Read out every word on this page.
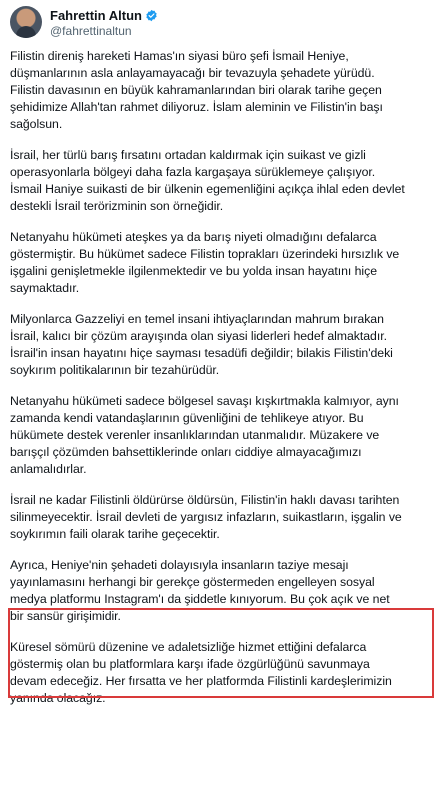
Fahrettin Altun
@fahrettinaltun
Filistin direniş hareketi Hamas'ın siyasi büro şefi İsmail Heniye,
düşmanlarının asla anlayamayacağı bir tevazuyla şehadete yürüdü.
Filistin davasının en büyük kahramanlarından biri olarak tarihe geçen
şehidimize Allah'tan rahmet diliyoruz. İslam aleminin ve Filistin'in başı
sağolsun.
İsrail, her türlü barış fırsatını ortadan kaldırmak için suikast ve gizli
operasyonlarla bölgeyi daha fazla kargaşaya sürüklemeye çalışıyor.
İsmail Haniye suikasti de bir ülkenin egemenliğini açıkça ihlal eden devlet
destekli İsrail terörizminin son örneğidir.
Netanyahu hükümeti ateşkes ya da barış niyeti olmadığını defalarca
göstermiştir. Bu hükümet sadece Filistin toprakları üzerindeki hırsızlık ve
işgalini genişletmekle ilgilenmektedir ve bu yolda insan hayatını hiçe
saymaktadır.
Milyonlarca Gazzeliyi en temel insani ihtiyaçlarından mahrum bırakan
İsrail, kalıcı bir çözüm arayışında olan siyasi liderleri hedef almaktadır.
İsrail'in insan hayatını hiçe sayması tesadüfi değildir; bilakis Filistin'deki
soykırım politikalarının bir tezahürüdür.
Netanyahu hükümeti sadece bölgesel savaşı kışkırtmakla kalmıyor, aynı
zamanda kendi vatandaşlarının güvenliğini de tehlikeye atıyor. Bu
hükümete destek verenler insanlıklarından utanmalıdır. Müzakere ve
barışçıl çözümden bahsettiklerinde onları ciddiye almayacağımızı
anlamalıdırlar.
İsrail ne kadar Filistinli öldürürse öldürsün, Filistin'in haklı davası tarihten
silinmeyecektir. İsrail devleti de yargısız infazların, suikastların, işgalin ve
soykırımın faili olarak tarihe geçecektir.
Ayrıca, Heniye'nin şehadeti dolayısıyla insanların taziye mesajı
yayınlamasını herhangi bir gerekçe göstermeden engelleyen sosyal
medya platformu Instagram'ı da şiddetle kınıyorum. Bu çok açık ve net
bir sansür girişimidir.
Küresel sömürü düzenine ve adaletsizliğe hizmet ettiğini defalarca
göstermiş olan bu platformlara karşı ifade özgürlüğünü savunmaya
devam edeceğiz. Her fırsatta ve her platformda Filistinli kardeşlerimizin
yanında olacağız.
